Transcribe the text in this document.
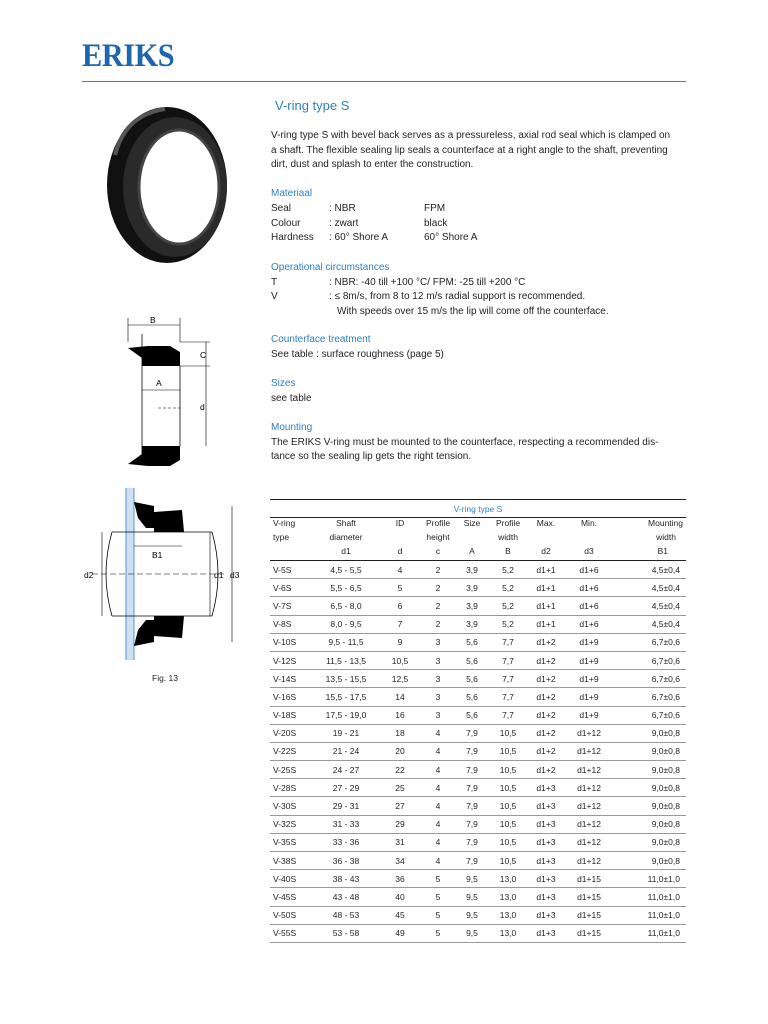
ERIKS
B
A
C
d
d2	d1 d3
B1
Fig. 13
V-ring type S
V-ring type S with bevel back serves as a pressureless, axial rod seal which is clamped on
a shaft. The flexible sealing lip seals a counterface at a right angle to the shaft, preventing
dirt, dust and splash to enter the construction.
Materiaal
Seal	: NBR	FPM
Colour	: zwart	black
Hardness : 60° Shore A	60° Shore A
Operational circumstances
T	: NBR: -40 till +100 °C/ FPM: -25 till +200 °C
V	: ≤ 8m/s, from 8 to 12 m/s radial support is recommended.
With speeds over 15 m/s the lip will come off the counterface.
Counterface treatment
See table : surface roughness (page 5)
Sizes
see table
Mounting
The ERIKS V-ring must be mounted to the counterface, respecting a recommended dis-
tance so the sealing lip gets the right tension.
V-ring type S								
V-ring	Shaft	ID	Profile	Size	Profile	Max.	Min.	Mounting
type	diameter		height		width			width
	d1	d	c	A	B	d2	d3	B1
V-5S	4,5 - 5,5	4	2	3,9	5,2	d1+1	d1+6	4,5±0,4
V-6S	5,5 - 6,5	5	2	3,9	5,2	d1+1	d1+6	4,5±0,4
V-7S	6,5 - 8,0	6	2	3,9	5,2	d1+1	d1+6	4,5±0,4
V-8S	8,0 - 9,5	7	2	3,9	5,2	d1+1	d1+6	4,5±0,4
V-10S	9,5 - 11,5	9	3	5,6	7,7	d1+2	d1+9	6,7±0,6
V-12S	11,5 - 13,5	10,5	3	5,6	7,7	d1+2	d1+9	6,7±0,6
V-14S	13,5 - 15,5	12,5	3	5,6	7,7	d1+2	d1+9	6,7±0,6
V-16S	15,5 - 17,5	14	3	5,6	7,7	d1+2	d1+9	6,7±0,6
V-18S	17,5 - 19,0	16	3	5,6	7,7	d1+2	d1+9	6,7±0,6
V-20S	19 - 21	18	4	7,9	10,5	d1+2	d1+12	9,0±0,8
V-22S	21 - 24	20	4	7,9	10,5	d1+2	d1+12	9,0±0,8
V-25S	24 - 27	22	4	7,9	10,5	d1+2	d1+12	9,0±0,8
V-28S	27 - 29	25	4	7,9	10,5	d1+3	d1+12	9,0±0,8
V-30S	29 - 31	27	4	7,9	10,5	d1+3	d1+12	9,0±0,8
V-32S	31 - 33	29	4	7,9	10,5	d1+3	d1+12	9,0±0,8
V-35S	33 - 36	31	4	7,9	10,5	d1+3	d1+12	9,0±0,8
V-38S	36 - 38	34	4	7,9	10,5	d1+3	d1+12	9,0±0,8
V-40S	38 - 43	36	5	9,5	13,0	d1+3	d1+15	11,0±1,0
V-45S	43 - 48	40	5	9,5	13,0	d1+3	d1+15	11,0±1,0
V-50S	48 - 53	45	5	9,5	13,0	d1+3	d1+15	11,0±1,0
V-55S	53 - 58	49	5	9,5	13,0	d1+3	d1+15	11,0±1,0
